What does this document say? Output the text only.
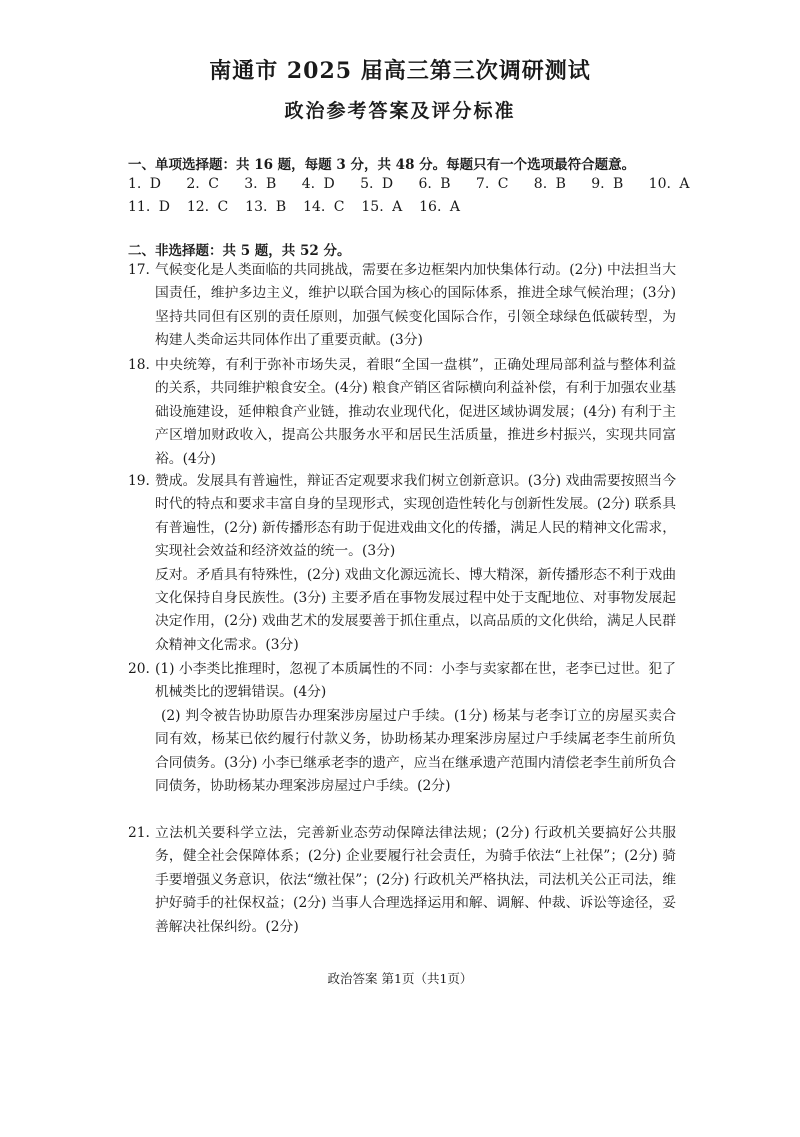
南通市 2025 届高三第三次调研测试
政治参考答案及评分标准
一、单项选择题：共 16 题，每题 3 分，共 48 分。每题只有一个选项最符合题意。
1. D   2. C   3. B   4. D   5. D   6. B   7. C   8. B   9. B   10. A
11. D  12. C  13. B  14. C  15. A  16. A
二、非选择题：共 5 题，共 52 分。
17. 气候变化是人类面临的共同挑战，需要在多边框架内加快集体行动。(2分) 中法担当大国责任，维护多边主义，维护以联合国为核心的国际体系，推进全球气候治理；(3分) 坚持共同但有区别的责任原则，加强气候变化国际合作，引领全球绿色低碳转型，为构建人类命运共同体作出了重要贡献。(3分)
18. 中央统筹，有利于弥补市场失灵，着眼“全国一盘棋”，正确处理局部利益与整体利益的关系，共同维护粮食安全。(4分) 粮食产销区省际横向利益补偿，有利于加强农业基础设施建设，延伸粮食产业链，推动农业现代化，促进区域协调发展；(4分) 有利于主产区增加财政收入，提高公共服务水平和居民生活质量，推进乡村振兴，实现共同富裕。(4分)
19. 赞成。发展具有普遍性，辩证否定观要求我们树立创新意识。(3分) 戏曲需要按照当今时代的特点和要求丰富自身的呈现形式，实现创造性转化与创新性发展。(2分) 联系具有普遍性，(2分) 新传播形态有助于促进戏曲文化的传播，满足人民的精神文化需求，实现社会效益和经济效益的统一。(3分)
反对。矛盾具有特殊性，(2分) 戏曲文化源远流长、博大精深，新传播形态不利于戏曲文化保持自身民族性。(3分) 主要矛盾在事物发展过程中处于支配地位、对事物发展起决定作用，(2分) 戏曲艺术的发展要善于抓住重点，以高品质的文化供给，满足人民群众精神文化需求。(3分)
20. (1) 小李类比推理时，忽视了本质属性的不同：小李与卖家都在世，老李已过世。犯了机械类比的逻辑错误。(4分)
(2) 判令被告协助原告办理案涉房屋过户手续。(1分) 杨某与老李订立的房屋买卖合同有效，杨某已依约履行付款义务，协助杨某办理案涉房屋过户手续属老李生前所负合同债务。(3分) 小李已继承老李的遗产，应当在继承遗产范围内清偿老李生前所负合同债务，协助杨某办理案涉房屋过户手续。(2分)
21. 立法机关要科学立法，完善新业态劳动保障法律法规；(2分) 行政机关要搞好公共服务，健全社会保障体系；(2分) 企业要履行社会责任，为骑手依法“上社保”；(2分) 骑手要增强义务意识，依法“缴社保”；(2分) 行政机关严格执法，司法机关公正司法，维护好骑手的社保权益；(2分) 当事人合理选择运用和解、调解、仲裁、诉讼等途径，妥善解决社保纠纷。(2分)
政治答案 第1页（共1页）
